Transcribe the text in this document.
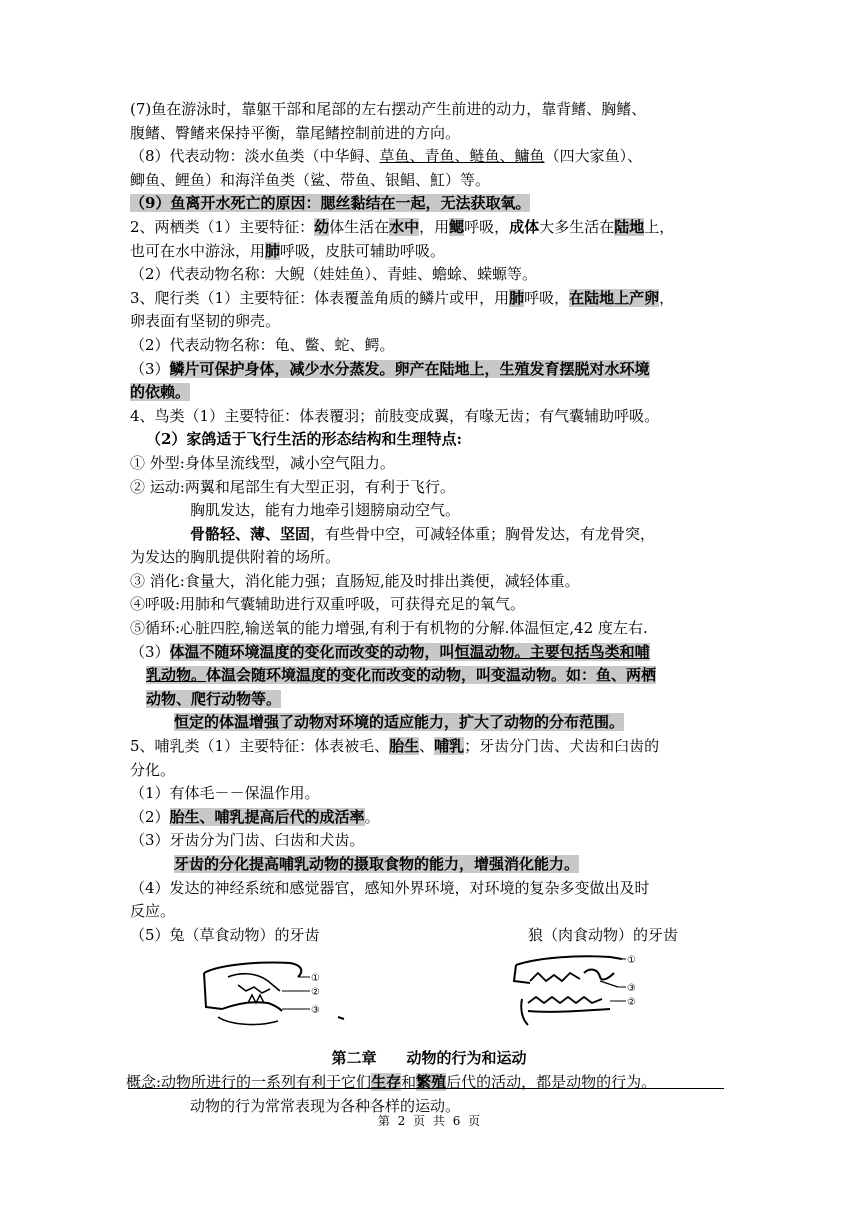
(7)鱼在游泳时，靠躯干部和尾部的左右摆动产生前进的动力，靠背鳍、胸鳍、
腹鳍、臀鳍来保持平衡，靠尾鳍控制前进的方向。
（8）代表动物：淡水鱼类（中华鲟、草鱼、青鱼、鲢鱼、鳙鱼（四大家鱼）、
鲫鱼、鲤鱼）和海洋鱼类（鲨、带鱼、银鲳、魟）等。
（9）鱼离开水死亡的原因：腮丝黏结在一起，无法获取氧。
2、两栖类（1）主要特征：幼体生活在水中，用鳃呼吸，成体大多生活在陆地上，
也可在水中游泳，用肺呼吸，皮肤可辅助呼吸。
（2）代表动物名称：大鲵（娃娃鱼）、青蛙、蟾蜍、蝾螈等。
3、爬行类（1）主要特征：体表覆盖角质的鳞片或甲，用肺呼吸，在陆地上产卵，
卵表面有坚韧的卵壳。
（2）代表动物名称：龟、鳖、蛇、鳄。
（3）鳞片可保护身体，减少水分蒸发。卵产在陆地上，生殖发育摆脱对水环境
的依赖。
4、鸟类（1）主要特征：体表覆羽；前肢变成翼，有喙无齿；有气囊辅助呼吸。
（2）家鸽适于飞行生活的形态结构和生理特点:
① 外型:身体呈流线型，减小空气阻力。
② 运动:两翼和尾部生有大型正羽，有利于飞行。
胸肌发达，能有力地牵引翅膀扇动空气。
骨骼轻、薄、坚固，有些骨中空，可减轻体重；胸骨发达，有龙骨突，
为发达的胸肌提供附着的场所。
③ 消化:食量大，消化能力强；直肠短,能及时排出粪便，减轻体重。
④呼吸:用肺和气囊辅助进行双重呼吸，可获得充足的氧气。
⑤循环:心脏四腔,输送氧的能力增强,有利于有机物的分解.体温恒定,42 度左右.
（3）体温不随环境温度的变化而改变的动物，叫恒温动物。主要包括鸟类和哺
乳动物。体温会随环境温度的变化而改变的动物，叫变温动物。如：鱼、两栖
动物、爬行动物等。
恒定的体温增强了动物对环境的适应能力，扩大了动物的分布范围。
5、哺乳类（1）主要特征：体表被毛、胎生、哺乳；牙齿分门齿、犬齿和臼齿的
分化。
（1）有体毛－－保温作用。
（2）胎生、哺乳提高后代的成活率。
（3）牙齿分为门齿、臼齿和犬齿。
牙齿的分化提高哺乳动物的摄取食物的能力，增强消化能力。
（4）发达的神经系统和感觉器官，感知外界环境，对环境的复杂多变做出及时
反应。
（5）兔（草食动物）的牙齿	狼（肉食动物）的牙齿
①
②
③
①
③
②
第二章　　动物的行为和运动
概念:动物所进行的一系列有利于它们生存和繁殖后代的活动，都是动物的行为。
动物的行为常常表现为各种各样的运动。
第 2 页 共 6 页
